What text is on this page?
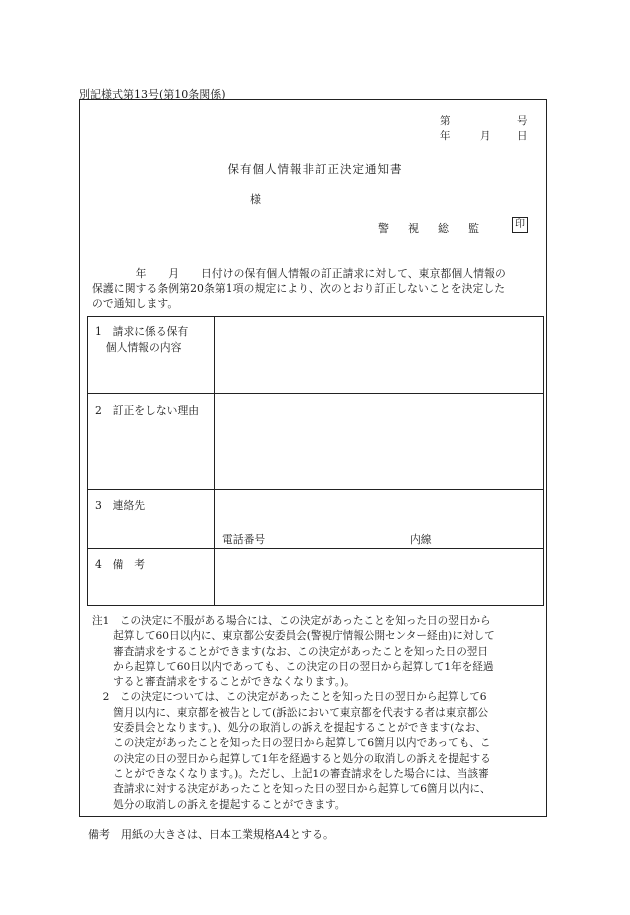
別記様式第13号(第10条関係)
第	号
年	月	日
保有個人情報非訂正決定通知書
様
警視総監	印
　　　　年　　月　　日付けの保有個人情報の訂正請求に対して、東京都個人情報の
保護に関する条例第20条第1項の規定により、次のとおり訂正しないことを決定した
ので通知します。
1　請求に係る保有
　個人情報の内容
2　訂正をしない理由
3　連絡先
電話番号	内線
4　備　考
注1　この決定に不服がある場合には、この決定があったことを知った日の翌日から
　　起算して60日以内に、東京都公安委員会(警視庁情報公開センター経由)に対して
　　審査請求をすることができます(なお、この決定があったことを知った日の翌日
　　から起算して60日以内であっても、この決定の日の翌日から起算して1年を経過
　　すると審査請求をすることができなくなります。)。
　2　この決定については、この決定があったことを知った日の翌日から起算して6
　　箇月以内に、東京都を被告として(訴訟において東京都を代表する者は東京都公
　　安委員会となります。)、処分の取消しの訴えを提起することができます(なお、
　　この決定があったことを知った日の翌日から起算して6箇月以内であっても、こ
　　の決定の日の翌日から起算して1年を経過すると処分の取消しの訴えを提起する
　　ことができなくなります。)。ただし、上記1の審査請求をした場合には、当該審
　　査請求に対する決定があったことを知った日の翌日から起算して6箇月以内に、
　　処分の取消しの訴えを提起することができます。
備考　用紙の大きさは、日本工業規格A4とする。
